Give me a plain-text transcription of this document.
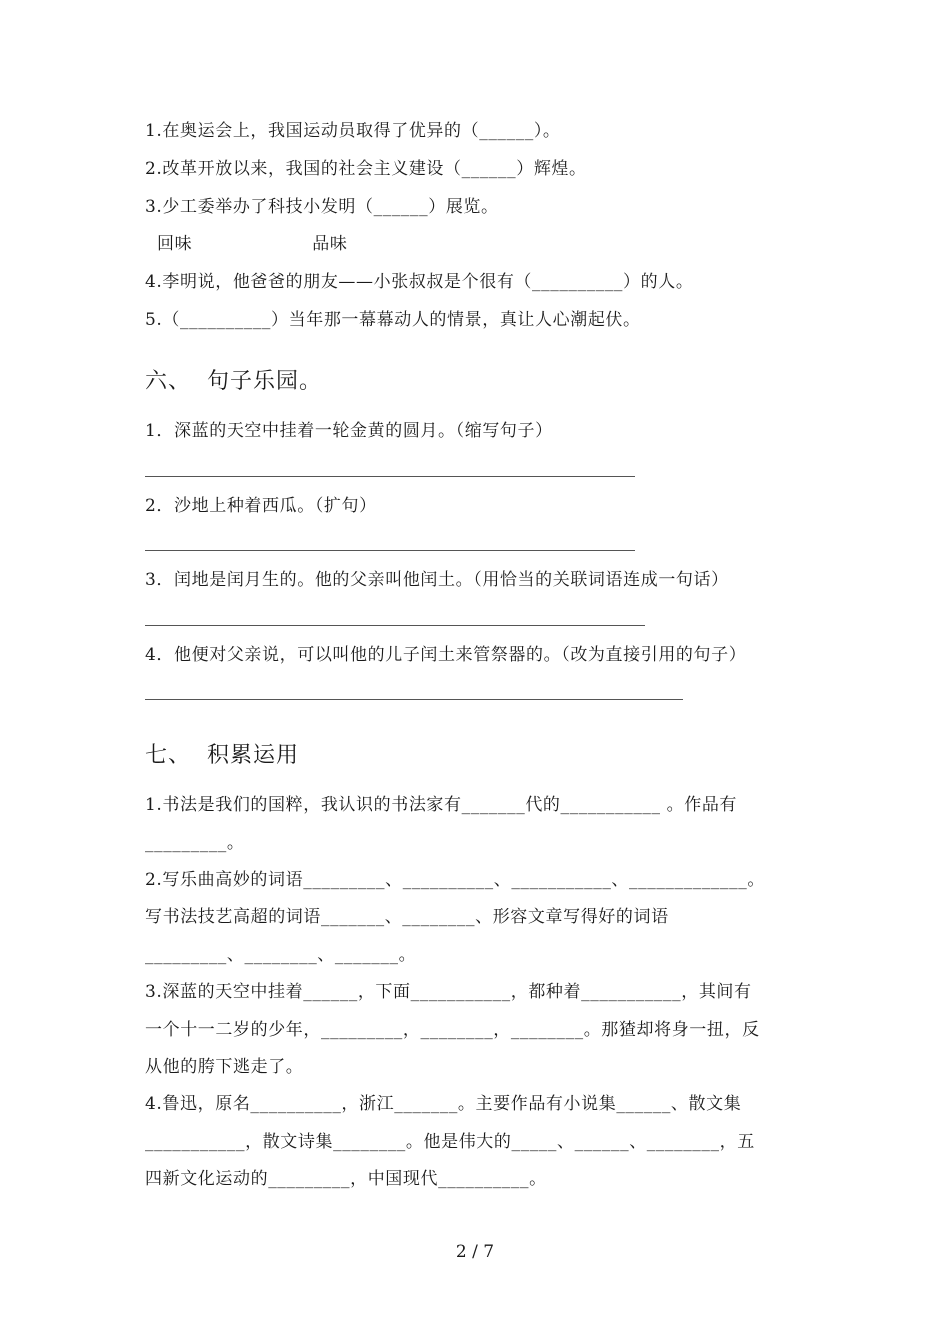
1.在奥运会上，我国运动员取得了优异的（______）。
2.改革开放以来，我国的社会主义建设（______）辉煌。
3.少工委举办了科技小发明（______）展览。
回味                    品味
4.李明说，他爸爸的朋友——小张叔叔是个很有（__________）的人。
5.（__________）当年那一幕幕动人的情景，真让人心潮起伏。
六、  句子乐园。
1．深蓝的天空中挂着一轮金黄的圆月。（缩写句子）
2．沙地上种着西瓜。（扩句）
3．闰地是闰月生的。他的父亲叫他闰土。（用恰当的关联词语连成一句话）
4．他便对父亲说，可以叫他的儿子闰土来管祭器的。（改为直接引用的句子）
七、  积累运用
1.书法是我们的国粹，我认识的书法家有_______代的___________ 。作品有
_________。
2.写乐曲高妙的词语_________、__________、___________、_____________。
写书法技艺高超的词语_______、________、形容文章写得好的词语
_________、________、_______。
3.深蓝的天空中挂着______，下面___________，都种着___________，其间有
一个十一二岁的少年，_________，________，________。那猹却将身一扭，反
从他的胯下逃走了。
4.鲁迅，原名__________，浙江_______。主要作品有小说集______、散文集
___________，散文诗集________。他是伟大的_____、______、________，五
四新文化运动的_________，中国现代__________。
2 / 7
